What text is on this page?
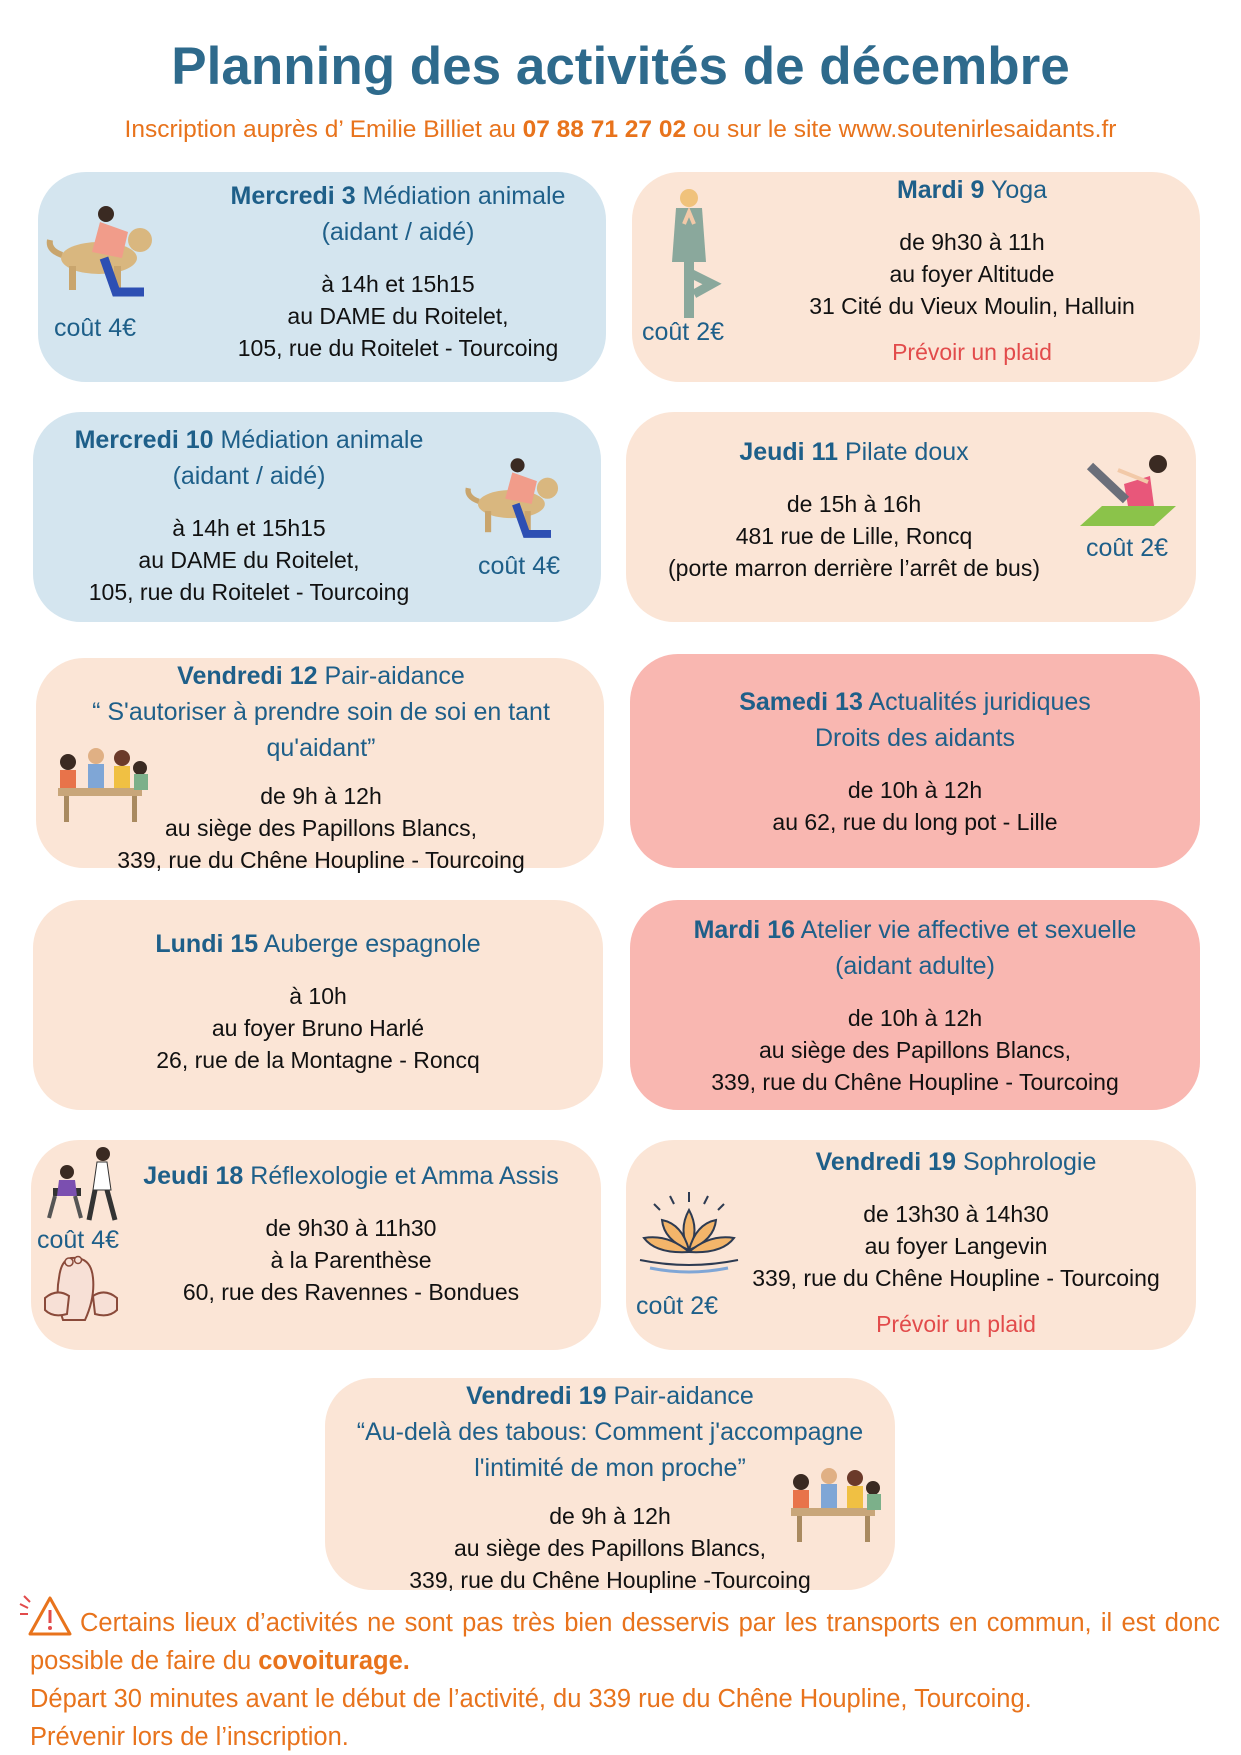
Planning des activités de décembre
Inscription auprès d’ Emilie Billiet au 07 88 71 27 02 ou sur le site www.soutenirlesaidants.fr
coût 4€
Mercredi 3 Médiation animale
(aidant / aidé)
à 14h et 15h15
au DAME du Roitelet,
105, rue du Roitelet - Tourcoing
coût 2€
Mardi 9 Yoga
de 9h30 à 11h
au foyer Altitude
31 Cité du Vieux Moulin, Halluin
Prévoir un plaid
coût 4€
Mercredi 10 Médiation animale
(aidant / aidé)
à 14h et 15h15
au DAME du Roitelet,
105, rue du Roitelet - Tourcoing
coût 2€
Jeudi 11 Pilate doux
de 15h à 16h
481 rue de Lille, Roncq
(porte marron derrière l’arrêt de bus)
Vendredi 12 Pair-aidance
“ S'autoriser à prendre soin de soi en tant
qu'aidant”
de 9h à 12h
au siège des Papillons Blancs,
339, rue du Chêne Houpline - Tourcoing
Samedi 13 Actualités juridiques
Droits des aidants
de 10h à 12h
au 62, rue du long pot - Lille
Lundi 15 Auberge espagnole
à 10h
au foyer Bruno Harlé
26, rue de la Montagne - Roncq
Mardi 16 Atelier vie affective et sexuelle
(aidant adulte)
de 10h à 12h
au siège des Papillons Blancs,
339, rue du Chêne Houpline - Tourcoing
coût 4€
Jeudi 18 Réflexologie et Amma Assis
de 9h30 à 11h30
à la Parenthèse
60, rue des Ravennes - Bondues	coût 2€
Vendredi 19 Sophrologie
de 13h30 à 14h30
au foyer Langevin
339, rue du Chêne Houpline - Tourcoing
Prévoir un plaid
Vendredi 19 Pair-aidance
“Au-delà des tabous: Comment j'accompagne
l'intimité de mon proche”
de 9h à 12h
au siège des Papillons Blancs,
339, rue du Chêne Houpline -Tourcoing
Certains lieux d’activités ne sont pas très bien desservis par les transports en commun, il est donc possible de faire du covoiturage.
Départ 30 minutes avant le début de l’activité, du 339 rue du Chêne Houpline, Tourcoing.
Prévenir lors de l’inscription.
